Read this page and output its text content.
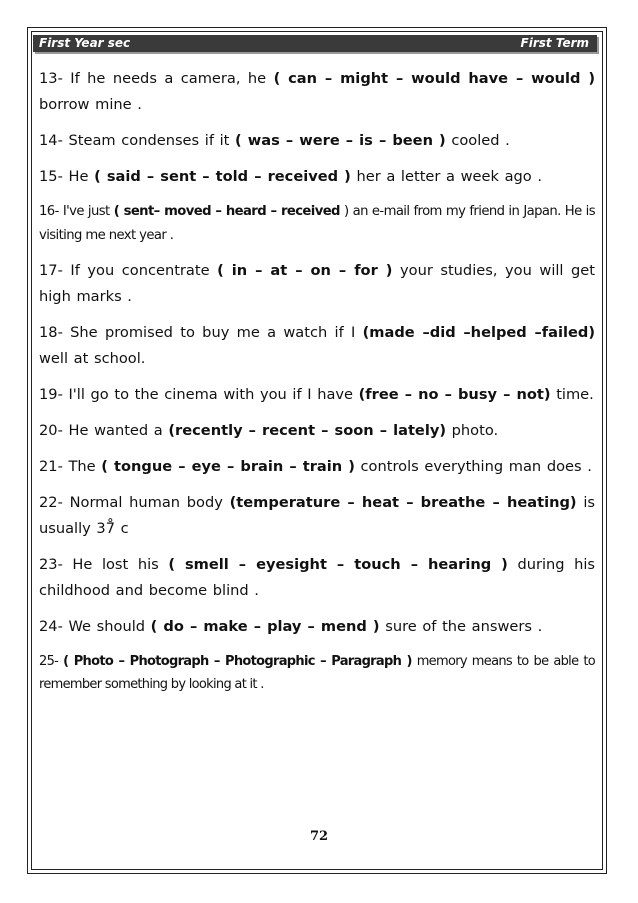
First Year sec	First Term

13- If he needs a camera, he ( can – might – would have – would ) borrow mine .

14- Steam condenses if it ( was – were – is – been ) cooled .

15- He ( said – sent – told – received ) her a letter a week ago .

16- I've just ( sent– moved – heard – received ) an e-mail from my friend in Japan. He is visiting me next year .

17- If you concentrate ( in – at – on – for ) your studies, you will get high marks .

18- She promised to buy me a watch if I (made –did –helped –failed) well at school.

19- I'll go to the cinema with you if I have (free – no – busy – not) time.

20- He wanted a (recently – recent – soon – lately) photo.

21- The ( tongue – eye – brain – train ) controls everything man does .

22- Normal human body (temperature – heat – breathe – heating) is usually 37̊ c

23- He lost his ( smell – eyesight – touch – hearing ) during his childhood and become blind .

24- We should ( do – make – play – mend ) sure of the answers .

25- ( Photo – Photograph – Photographic – Paragraph ) memory means to be able to remember something by looking at it .

72
